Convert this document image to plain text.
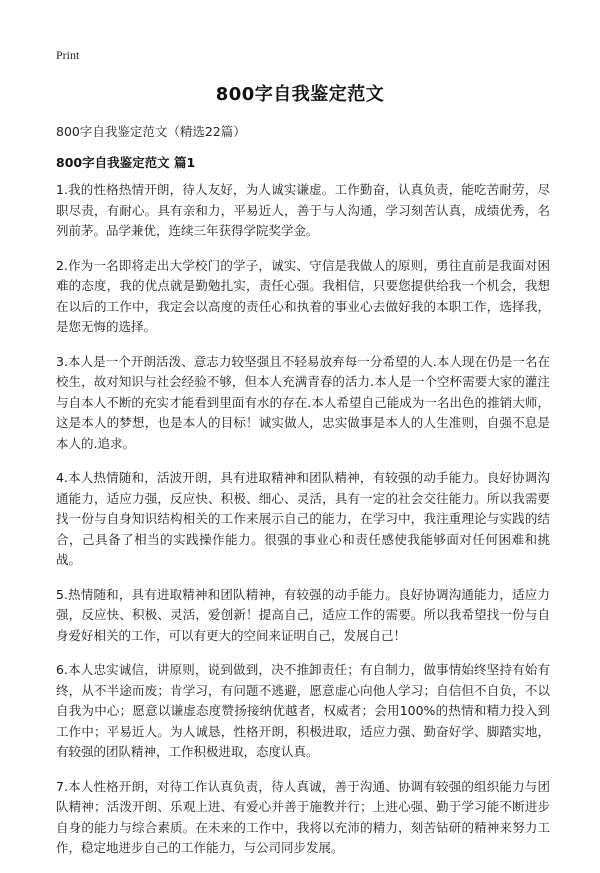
Print
800字自我鉴定范文
800字自我鉴定范文（精选22篇）
800字自我鉴定范文 篇1

1.我的性格热情开朗，待人友好，为人诚实谦虚。工作勤奋，认真负责，能吃苦耐劳，尽职尽责，有耐心。具有亲和力，平易近人，善于与人沟通，学习刻苦认真，成绩优秀，名列前茅。品学兼优，连续三年获得学院奖学金。

2.作为一名即将走出大学校门的学子，诚实、守信是我做人的原则，勇往直前是我面对困难的态度，我的优点就是勤勉扎实，责任心强。我相信，只要您提供给我一个机会，我想在以后的工作中，我定会以高度的责任心和执着的事业心去做好我的本职工作，选择我，是您无悔的选择。

3.本人是一个开朗活泼、意志力较坚强且不轻易放弃每一分希望的人.本人现在仍是一名在校生，故对知识与社会经验不够，但本人充满青春的活力.本人是一个空杯需要大家的灌注与自本人不断的充实才能看到里面有水的存在.本人希望自己能成为一名出色的推销大师，这是本人的梦想，也是本人的目标！诚实做人，忠实做事是本人的人生准则，自强不息是本人的.追求。

4.本人热情随和，活波开朗，具有进取精神和团队精神，有较强的动手能力。良好协调沟通能力，适应力强，反应快、积极、细心、灵活，具有一定的社会交往能力。所以我需要找一份与自身知识结构相关的工作来展示自己的能力，在学习中，我注重理论与实践的结合，己具备了相当的实践操作能力。很强的事业心和责任感使我能够面对任何困难和挑战。

5.热情随和，具有进取精神和团队精神，有较强的动手能力。良好协调沟通能力，适应力强，反应快、积极、灵活，爱创新！提高自己，适应工作的需要。所以我希望找一份与自身爱好相关的工作，可以有更大的空间来证明自己，发展自己！

6.本人忠实诚信，讲原则，说到做到，决不推卸责任；有自制力，做事情始终坚持有始有终，从不半途而废；肯学习，有问题不逃避，愿意虚心向他人学习；自信但不自负，不以自我为中心；愿意以谦虚态度赞扬接纳优越者，权威者；会用100%的热情和精力投入到工作中；平易近人。为人诚恳，性格开朗，积极进取，适应力强、勤奋好学、脚踏实地，有较强的团队精神，工作积极进取，态度认真。

7.本人性格开朗，对待工作认真负责，待人真诚，善于沟通、协调有较强的组织能力与团队精神；活泼开朗、乐观上进、有爱心并善于施教并行；上进心强、勤于学习能不断进步自身的能力与综合素质。在未来的工作中，我将以充沛的精力，刻苦钻研的精神来努力工作，稳定地进步自己的工作能力，与公司同步发展。
